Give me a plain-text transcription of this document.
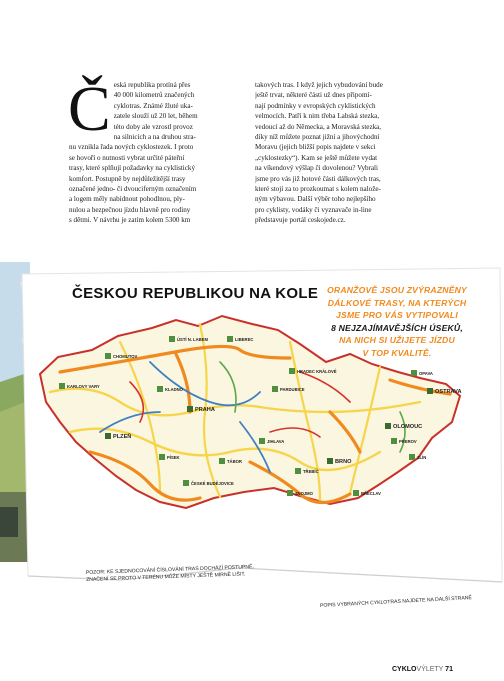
Č eská republika protíná přes
40 000 kilometrů značených
cyklotras. Známé žluté uka-
zatele slouží už 20 let, během
této doby ale vzrostl provoz
na silnicích a na druhou stra-
nu vznikla řada nových cyklostezek. I proto
se hovoří o nutnosti vybrat určité páteřní
trasy, které splňují požadavky na cyklistický
komfort. Postupně by nejdůležitější trasy
označené jedno- či dvouciferným označením
a logem měly nabídnout pohodlnou, ply-
nulou a bezpečnou jízdu hlavně pro rodiny
s dětmi. V návrhu je zatím kolem 5300 km
takových tras. I když jejich vybudování bude
ještě trvat, některé části už dnes připomí-
nají podmínky v evropských cyklistických
velmocích. Patří k nim třeba Labská stezka,
vedoucí až do Německa, a Moravská stezka,
díky níž můžete poznat jižní a jihovýchodní
Moravu (jejich bližší popis najdete v sekci
„cyklostezky“). Kam se ještě můžete vydat
na víkendový výšlap či dovolenou? Vybrali
jsme pro vás již hotové části dálkových tras,
které stojí za to prozkoumat s kolem nalože-
ným výbavou. Další výběr toho nejlepšího
pro cyklisty, vodáky či vyznavače in-line
představuje portál ceskojede.cz.
PRAHA
PLZEŇ
OSTRAVA
OLOMOUC
BRNO
ZLÍN
JIHLAVA
PARDUBICE
HRADEC KRÁLOVÉ
LIBEREC
ÚSTÍ N. LABEM
KARLOVY VARY
ČESKÉ BUDĚJOVICE
CHOMUTOV
KLADNO
TÁBOR
PÍSEK
TŘEBÍČ
ZNOJMO	BŘECLAV
PŘEROV
OPAVA
ČESKOU REPUBLIKOU NA KOLE	ORANŽOVĚ JSOU ZVÝRAZNĚNY
DÁLKOVÉ TRASY, NA KTERÝCH
JSME PRO VÁS VYTIPOVALI
8 NEJZAJÍMAVĚJŠÍCH ÚSEKŮ,
NA NICH SI UŽIJETE JÍZDU
V TOP KVALITĚ.
POZOR: KE SJEDNOCOVÁNÍ ČÍSLOVÁNÍ TRAS DOCHÁZÍ POSTUPNĚ, ZNAČENÍ SE PROTO V TERÉNU MŮŽE MÍSTY JEŠTĚ MÍRNĚ LIŠIT.
POPIS VYBRANÝCH CYKLOTRAS NAJDETE NA DALŠÍ STRANĚ
CYKLOVÝLETY 71
